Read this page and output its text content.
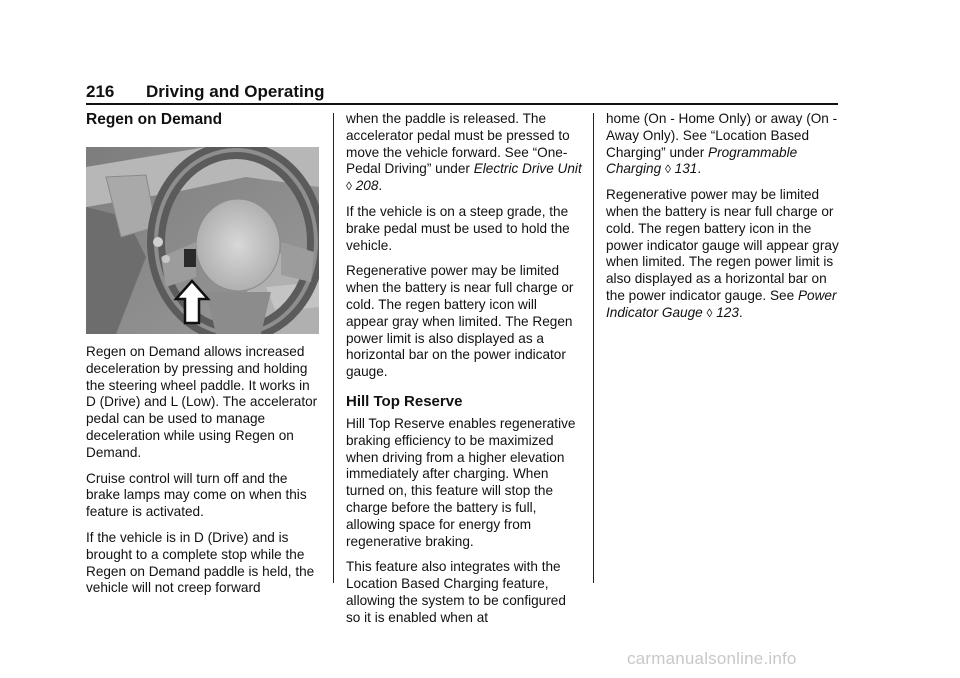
216 Driving and Operating
Regen on Demand

Regen on Demand allows increased deceleration by pressing and holding the steering wheel paddle. It works in D (Drive) and L (Low). The accelerator pedal can be used to manage deceleration while using Regen on Demand.

Cruise control will turn off and the brake lamps may come on when this feature is activated.

If the vehicle is in D (Drive) and is brought to a complete stop while the Regen on Demand paddle is held, the vehicle will not creep forward

when the paddle is released. The accelerator pedal must be pressed to move the vehicle forward. See “One-Pedal Driving” under Electric Drive Unit ◊ 208.

If the vehicle is on a steep grade, the brake pedal must be used to hold the vehicle.

Regenerative power may be limited when the battery is near full charge or cold. The regen battery icon will appear gray when limited. The Regen power limit is also displayed as a horizontal bar on the power indicator gauge.

Hill Top Reserve

Hill Top Reserve enables regenerative braking efficiency to be maximized when driving from a higher elevation immediately after charging. When turned on, this feature will stop the charge before the battery is full, allowing space for energy from regenerative braking.

This feature also integrates with the Location Based Charging feature, allowing the system to be configured so it is enabled when at

home (On - Home Only) or away (On - Away Only). See “Location Based Charging” under Programmable Charging ◊ 131.

Regenerative power may be limited when the battery is near full charge or cold. The regen battery icon in the power indicator gauge will appear gray when limited. The regen power limit is also displayed as a horizontal bar on the power indicator gauge. See Power Indicator Gauge ◊ 123.

carmanualsonline.info
